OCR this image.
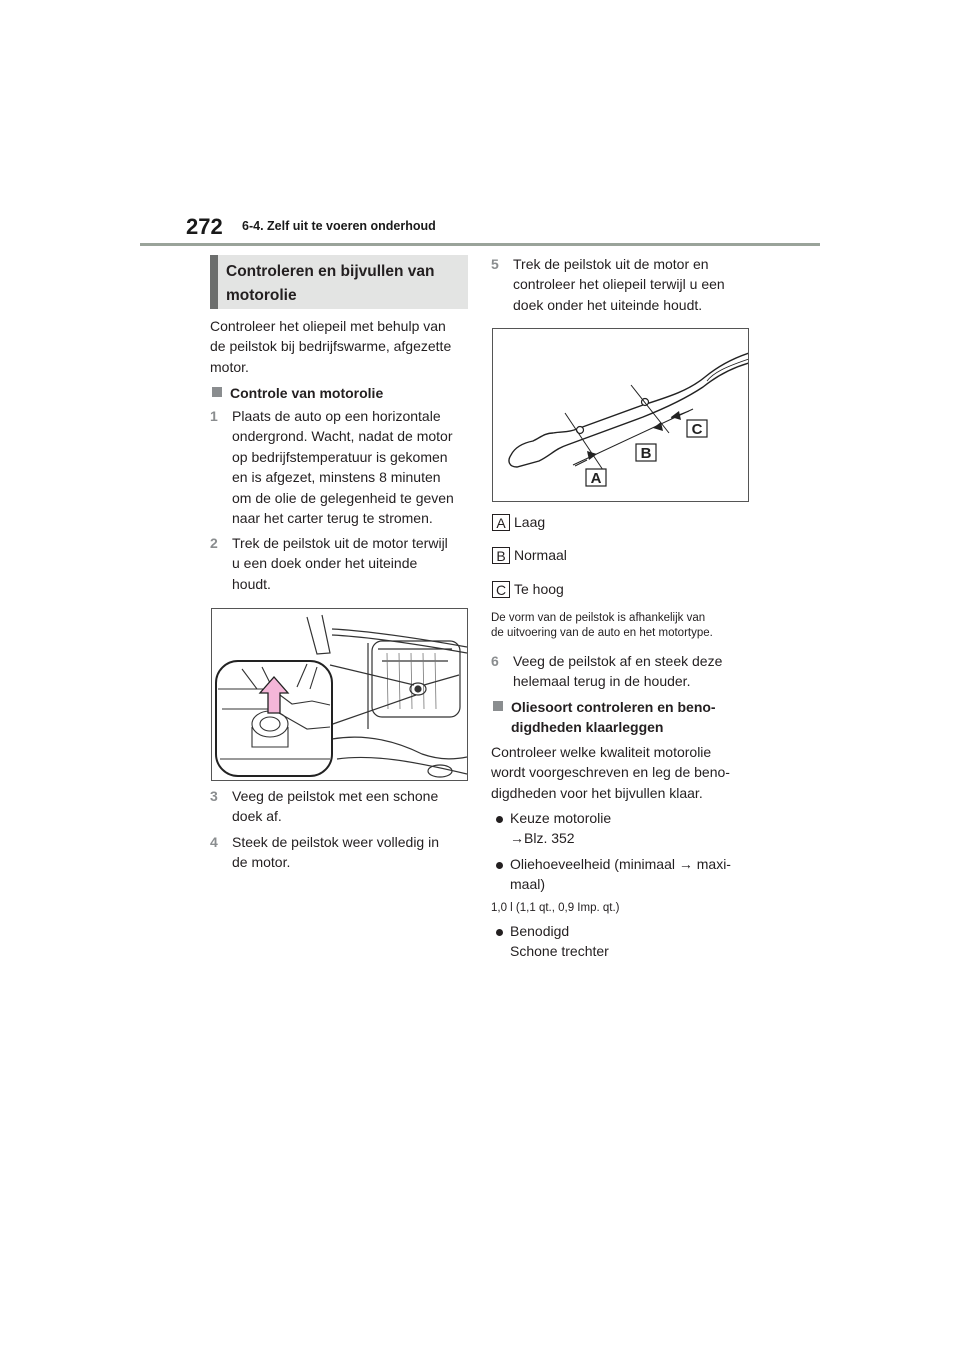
272 6-4. Zelf uit te voeren onderhoud
Controleren en bijvullen van
motorolie
Controleer het oliepeil met behulp van
de peilstok bij bedrijfswarme, afgezette
motor.
Controle van motorolie
1 Plaats de auto op een horizontale
ondergrond. Wacht, nadat de motor
op bedrijfstemperatuur is gekomen
en is afgezet, minstens 8 minuten
om de olie de gelegenheid te geven
naar het carter terug te stromen.
2 Trek de peilstok uit de motor terwijl
u een doek onder het uiteinde
houdt.
3 Veeg de peilstok met een schone
doek af.
4 Steek de peilstok weer volledig in
de motor.
5 Trek de peilstok uit de motor en
controleer het oliepeil terwijl u een
doek onder het uiteinde houdt.
A
B
C
A Laag
B Normaal
C Te hoog
De vorm van de peilstok is afhankelijk van
de uitvoering van de auto en het motortype.
6 Veeg de peilstok af en steek deze
helemaal terug in de houder.
Oliesoort controleren en beno-
digdheden klaarleggen
Controleer welke kwaliteit motorolie
wordt voorgeschreven en leg de beno-
digdheden voor het bijvullen klaar.
Keuze motorolie
→Blz. 352
Oliehoeveelheid (minimaal → maxi-
maal)
1,0 l (1,1 qt., 0,9 Imp. qt.)
Benodigd
Schone trechter
